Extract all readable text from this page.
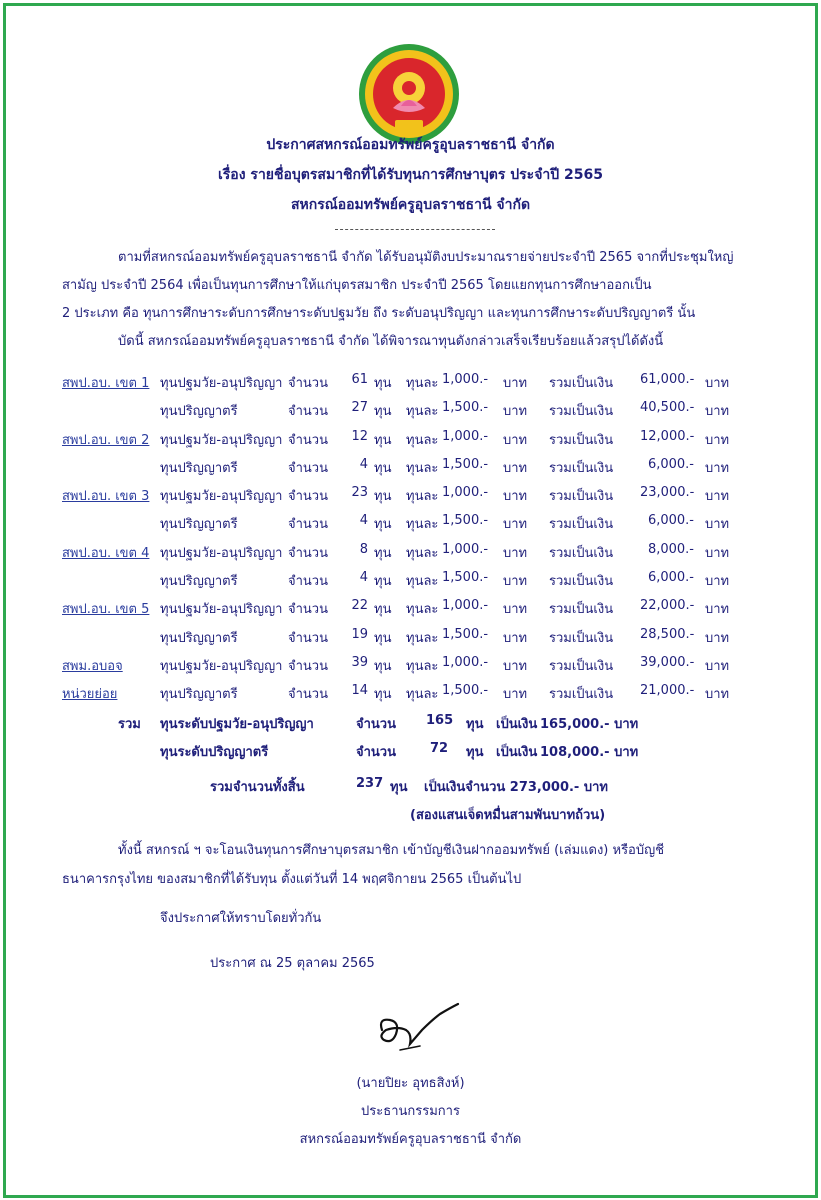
ประกาศสหกรณ์ออมทรัพย์ครูอุบลราชธานี จำกัด
เรื่อง รายชื่อบุตรสมาชิกที่ได้รับทุนการศึกษาบุตร ประจำปี 2565
สหกรณ์ออมทรัพย์ครูอุบลราชธานี จำกัด
ตามที่สหกรณ์ออมทรัพย์ครูอุบลราชธานี จำกัด ได้รับอนุมัติงบประมาณรายจ่ายประจำปี 2565 จากที่ประชุมใหญ่
สามัญ ประจำปี 2564 เพื่อเป็นทุนการศึกษาให้แก่บุตรสมาชิก ประจำปี 2565 โดยแยกทุนการศึกษาออกเป็น
2 ประเภท คือ ทุนการศึกษาระดับการศึกษาระดับปฐมวัย ถึง ระดับอนุปริญญา และทุนการศึกษาระดับปริญญาตรี นั้น
บัดนี้ สหกรณ์ออมทรัพย์ครูอุบลราชธานี จำกัด ได้พิจารณาทุนดังกล่าวเสร็จเรียบร้อยแล้วสรุปได้ดังนี้
สพป.อบ. เขต 1 ทุนปฐมวัย-อนุปริญญา จำนวน	61 ทุน ทุนละ 1,000.- บาท รวมเป็นเงิน 61,000.- บาท
ทุนปริญญาตรี	จำนวน	27 ทุน ทุนละ 1,500.- บาท รวมเป็นเงิน 40,500.- บาท
สพป.อบ. เขต 2 ทุนปฐมวัย-อนุปริญญา จำนวน	12 ทุน ทุนละ 1,000.- บาท รวมเป็นเงิน 12,000.- บาท
ทุนปริญญาตรี	จำนวน	4 ทุน ทุนละ 1,500.- บาท รวมเป็นเงิน	6,000.- บาท
สพป.อบ. เขต 3 ทุนปฐมวัย-อนุปริญญา จำนวน	23 ทุน ทุนละ 1,000.- บาท รวมเป็นเงิน 23,000.- บาท
ทุนปริญญาตรี	จำนวน	4 ทุน ทุนละ 1,500.- บาท รวมเป็นเงิน	6,000.- บาท
สพป.อบ. เขต 4 ทุนปฐมวัย-อนุปริญญา จำนวน	8 ทุน ทุนละ 1,000.- บาท รวมเป็นเงิน	8,000.- บาท
ทุนปริญญาตรี	จำนวน	4 ทุน ทุนละ 1,500.- บาท รวมเป็นเงิน	6,000.- บาท
สพป.อบ. เขต 5 ทุนปฐมวัย-อนุปริญญา จำนวน	22 ทุน ทุนละ 1,000.- บาท รวมเป็นเงิน 22,000.- บาท
ทุนปริญญาตรี	จำนวน	19 ทุน ทุนละ 1,500.- บาท รวมเป็นเงิน 28,500.- บาท
สพม.อบอจ	ทุนปฐมวัย-อนุปริญญา จำนวน	39 ทุน ทุนละ 1,000.- บาท รวมเป็นเงิน 39,000.- บาท
หน่วยย่อย	ทุนปริญญาตรี	จำนวน	14 ทุน ทุนละ 1,500.- บาท รวมเป็นเงิน 21,000.- บาท
รวม ทุนระดับปฐมวัย-อนุปริญญา	จำนวน 165 ทุน เป็นเงิน 165,000.- บาท
ทุนระดับปริญญาตรี	จำนวน	72 ทุน เป็นเงิน 108,000.- บาท
รวมจำนวนทั้งสิ้น	237 ทุน เป็นเงินจำนวน 273,000.- บาท
(สองแสนเจ็ดหมื่นสามพันบาทถ้วน)
ทั้งนี้ สหกรณ์ ฯ จะโอนเงินทุนการศึกษาบุตรสมาชิก เข้าบัญชีเงินฝากออมทรัพย์ (เล่มแดง) หรือบัญชี
ธนาคารกรุงไทย ของสมาชิกที่ได้รับทุน ตั้งแต่วันที่ 14 พฤศจิกายน 2565 เป็นต้นไป
จึงประกาศให้ทราบโดยทั่วกัน
ประกาศ ณ 25 ตุลาคม 2565
(นายปิยะ อุทธสิงห์)
ประธานกรรมการ
สหกรณ์ออมทรัพย์ครูอุบลราชธานี จำกัด
